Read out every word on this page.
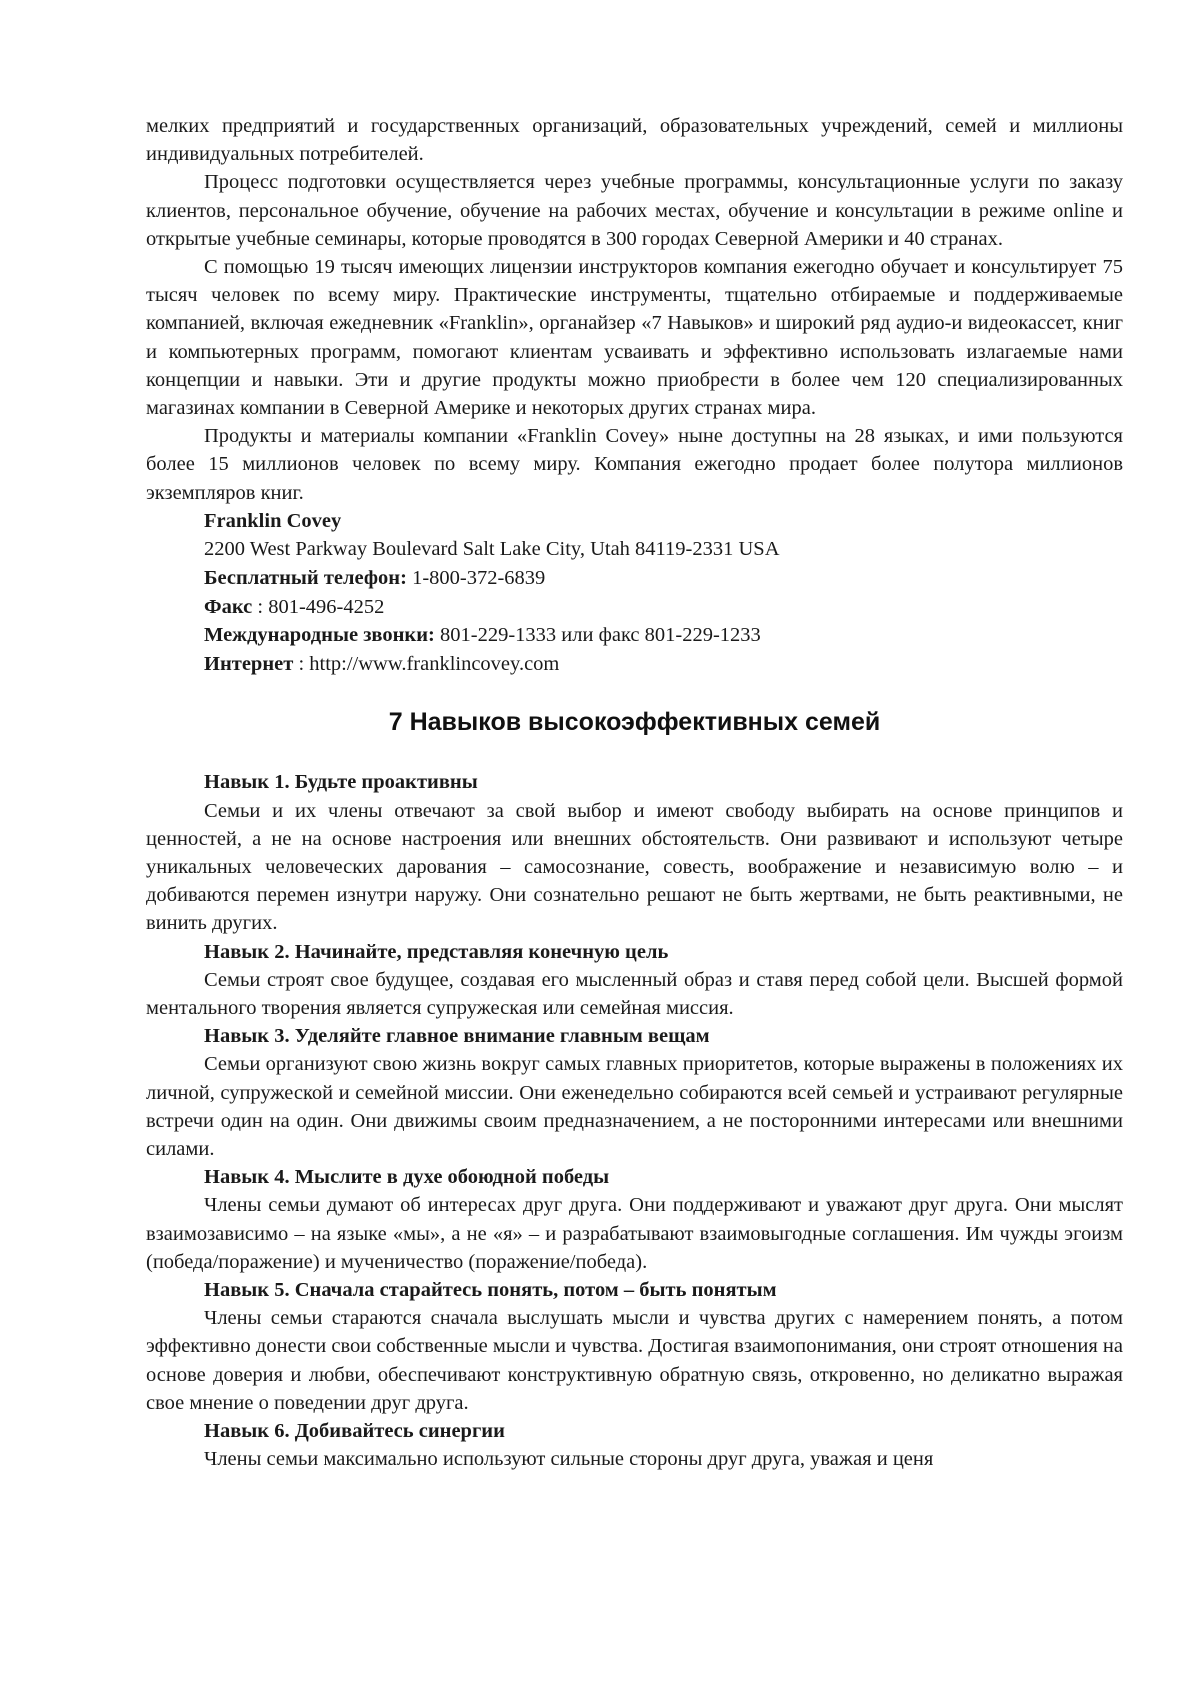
мелких предприятий и государственных организаций, образовательных учреждений, семей и миллионы индивидуальных потребителей.

Процесс подготовки осуществляется через учебные программы, консультационные услуги по заказу клиентов, персональное обучение, обучение на рабочих местах, обучение и консультации в режиме online и открытые учебные семинары, которые проводятся в 300 городах Северной Америки и 40 странах.

С помощью 19 тысяч имеющих лицензии инструкторов компания ежегодно обучает и консультирует 75 тысяч человек по всему миру. Практические инструменты, тщательно отбираемые и поддерживаемые компанией, включая ежедневник «Franklin», органайзер «7 Навыков» и широкий ряд аудио-и видеокассет, книг и компьютерных программ, помогают клиентам усваивать и эффективно использовать излагаемые нами концепции и навыки. Эти и другие продукты можно приобрести в более чем 120 специализированных магазинах компании в Северной Америке и некоторых других странах мира.

Продукты и материалы компании «Franklin Covey» ныне доступны на 28 языках, и ими пользуются более 15 миллионов человек по всему миру. Компания ежегодно продает более полутора миллионов экземпляров книг.

Franklin Covey
2200 West Parkway Boulevard Salt Lake City, Utah 84119-2331 USA
Бесплатный телефон: 1-800-372-6839
Факс : 801-496-4252
Международные звонки: 801-229-1333 или факс 801-229-1233
Интернет : http://www.franklincovey.com
7 Навыков высокоэффективных семей

Навык 1. Будьте проактивны

Семьи и их члены отвечают за свой выбор и имеют свободу выбирать на основе принципов и ценностей, а не на основе настроения или внешних обстоятельств. Они развивают и используют четыре уникальных человеческих дарования – самосознание, совесть, воображение и независимую волю – и добиваются перемен изнутри наружу. Они сознательно решают не быть жертвами, не быть реактивными, не винить других.

Навык 2. Начинайте, представляя конечную цель

Семьи строят свое будущее, создавая его мысленный образ и ставя перед собой цели. Высшей формой ментального творения является супружеская или семейная миссия.

Навык 3. Уделяйте главное внимание главным вещам

Семьи организуют свою жизнь вокруг самых главных приоритетов, которые выражены в положениях их личной, супружеской и семейной миссии. Они еженедельно собираются всей семьей и устраивают регулярные встречи один на один. Они движимы своим предназначением, а не посторонними интересами или внешними силами.

Навык 4. Мыслите в духе обоюдной победы

Члены семьи думают об интересах друг друга. Они поддерживают и уважают друг друга. Они мыслят взаимозависимо – на языке «мы», а не «я» – и разрабатывают взаимовыгодные соглашения. Им чужды эгоизм (победа/поражение) и мученичество (поражение/победа).

Навык 5. Сначала старайтесь понять, потом – быть понятым

Члены семьи стараются сначала выслушать мысли и чувства других с намерением понять, а потом эффективно донести свои собственные мысли и чувства. Достигая взаимопонимания, они строят отношения на основе доверия и любви, обеспечивают конструктивную обратную связь, откровенно, но деликатно выражая свое мнение о поведении друг друга.

Навык 6. Добивайтесь синергии

Члены семьи максимально используют сильные стороны друг друга, уважая и ценя
